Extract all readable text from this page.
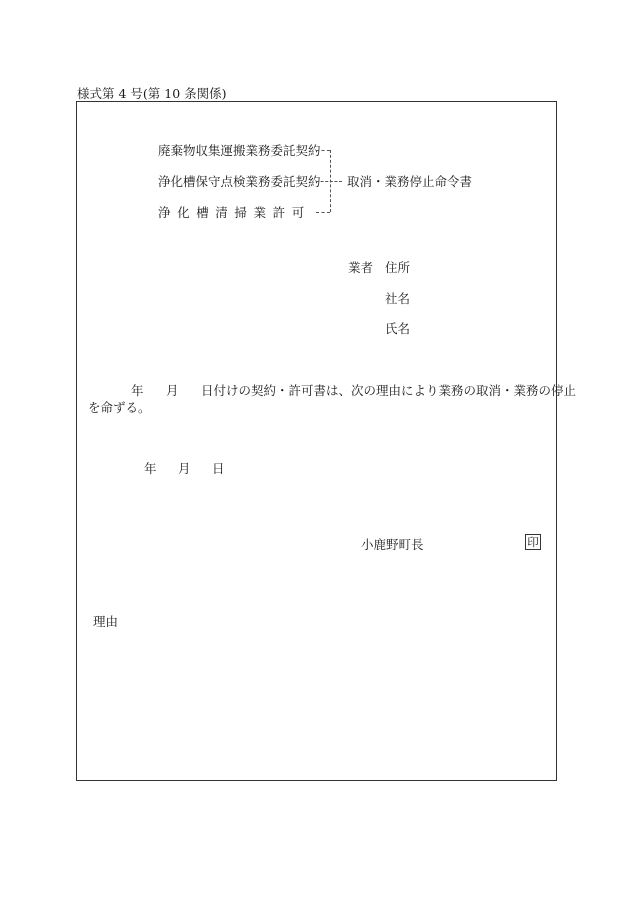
様式第 4 号(第 10 条関係)
廃棄物収集運搬業務委託契約
浄化槽保守点検業務委託契約
浄化槽清掃業許可
取消・業務停止命令書
業者 住所
社名
氏名
年 月 日付けの契約・許可書は、次の理由により業務の取消・業務の停止
を命ずる。
年 月 日
小鹿野町長	印
理由
